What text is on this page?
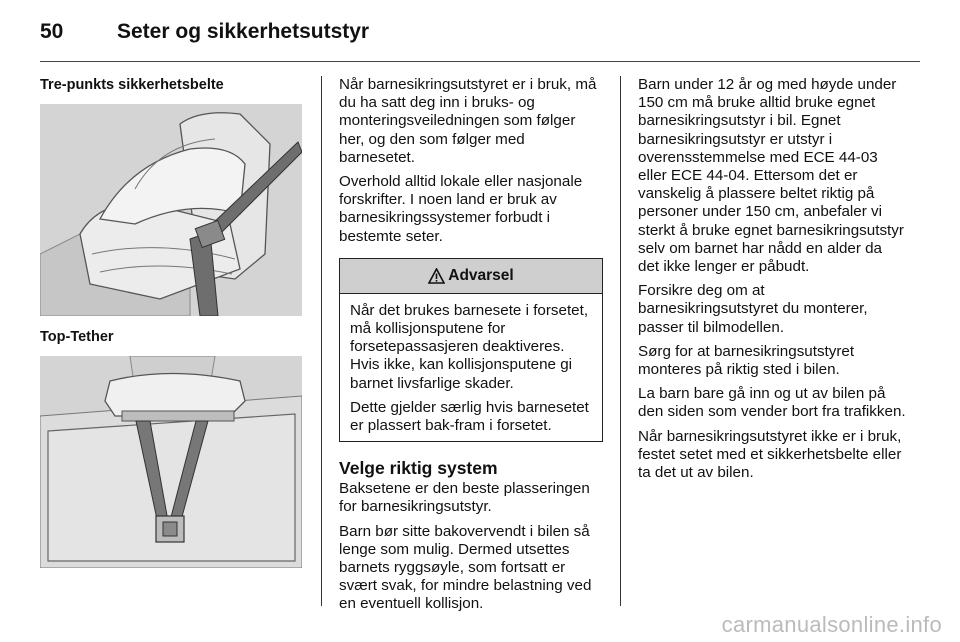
50	Seter og sikkerhetsutstyr
Tre-punkts sikkerhetsbelte
Top-Tether

Når barnesikringsutstyret er i bruk, må du ha satt deg inn i bruks- og monteringsveiledningen som følger her, og den som følger med barnesetet.

Overhold alltid lokale eller nasjonale forskrifter. I noen land er bruk av barnesikringssystemer forbudt i bestemte seter.

Advarsel

Når det brukes barnesete i forsetet, må kollisjonsputene for forsetepassasjeren deaktiveres. Hvis ikke, kan kollisjonsputene gi barnet livsfarlige skader.

Dette gjelder særlig hvis barnesetet er plassert bak-fram i forsetet.

Velge riktig system

Baksetene er den beste plasseringen for barnesikringsutstyr.

Barn bør sitte bakovervendt i bilen så lenge som mulig. Dermed utsettes barnets ryggsøyle, som fortsatt er svært svak, for mindre belastning ved en eventuell kollisjon.

Barn under 12 år og med høyde under 150 cm må bruke alltid bruke egnet barnesikringsutstyr i bil. Egnet barnesikringsutstyr er utstyr i overensstemmelse med ECE 44-03 eller ECE 44-04. Ettersom det er vanskelig å plassere beltet riktig på personer under 150 cm, anbefaler vi sterkt å bruke egnet barnesikringsutstyr selv om barnet har nådd en alder da det ikke lenger er påbudt.

Forsikre deg om at barnesikringsutstyret du monterer, passer til bilmodellen.

Sørg for at barnesikringsutstyret monteres på riktig sted i bilen.

La barn bare gå inn og ut av bilen på den siden som vender bort fra trafikken.

Når barnesikringsutstyret ikke er i bruk, festet setet med et sikkerhetsbelte eller ta det ut av bilen.

carmanualsonline.info
